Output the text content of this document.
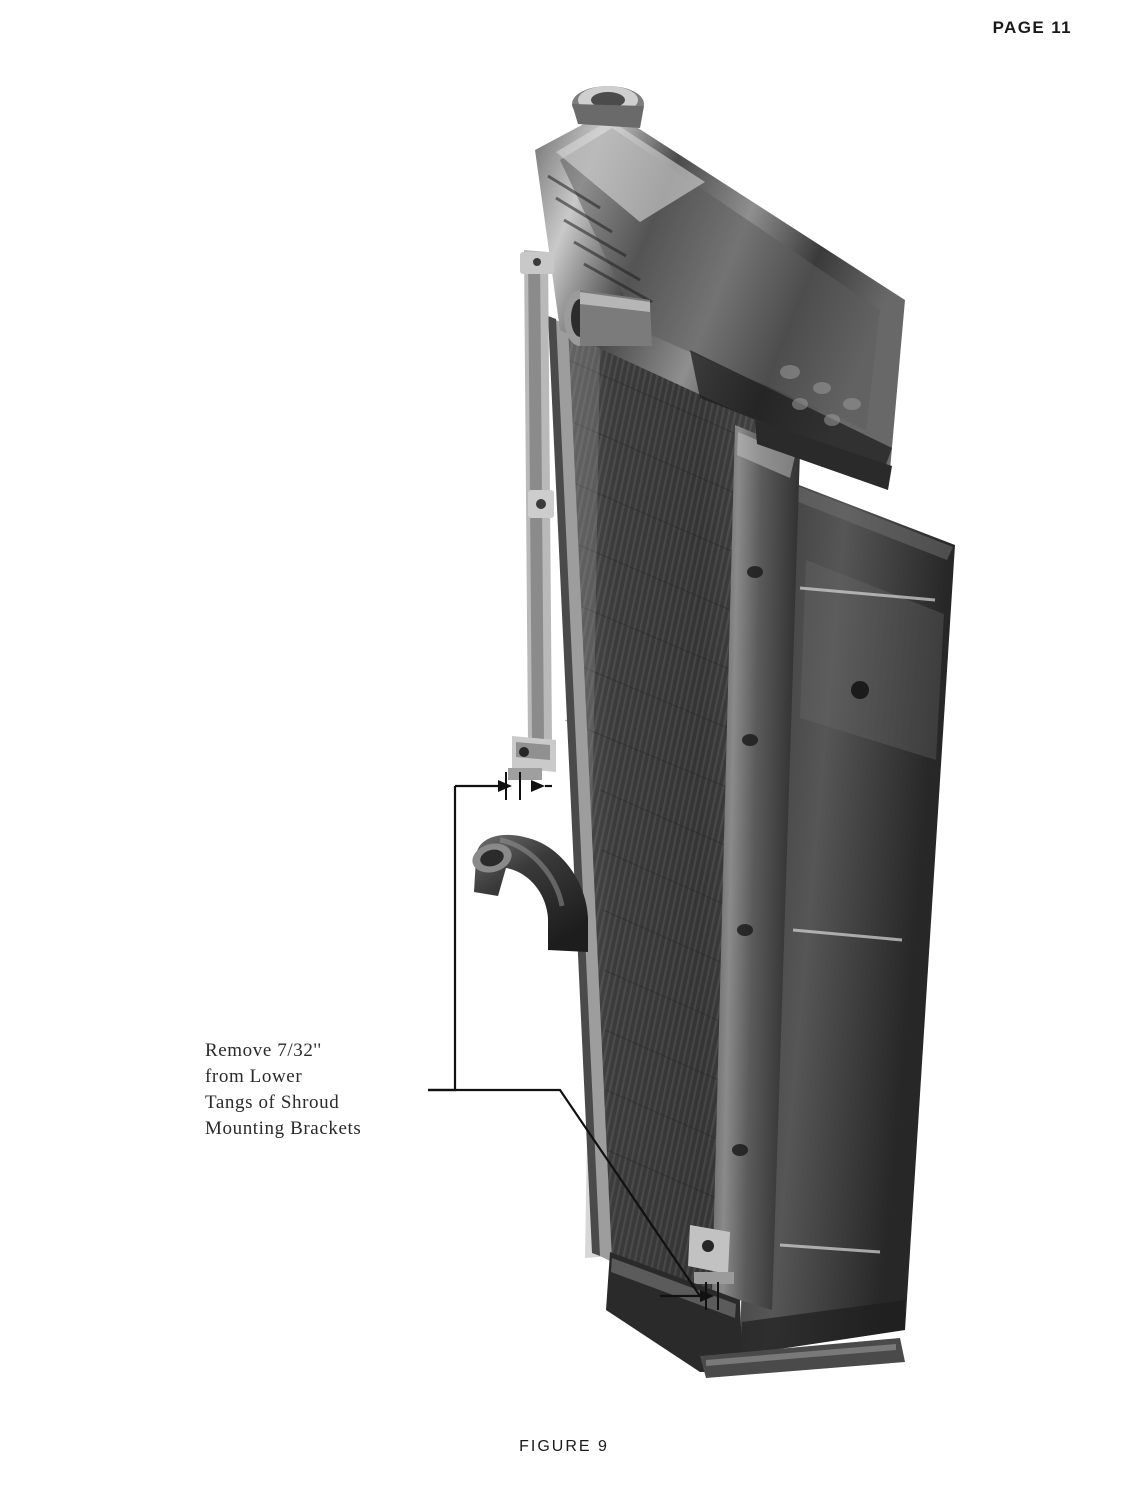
PAGE 11
Remove 7/32''
from Lower
Tangs of Shroud
Mounting Brackets
FIGURE 9
